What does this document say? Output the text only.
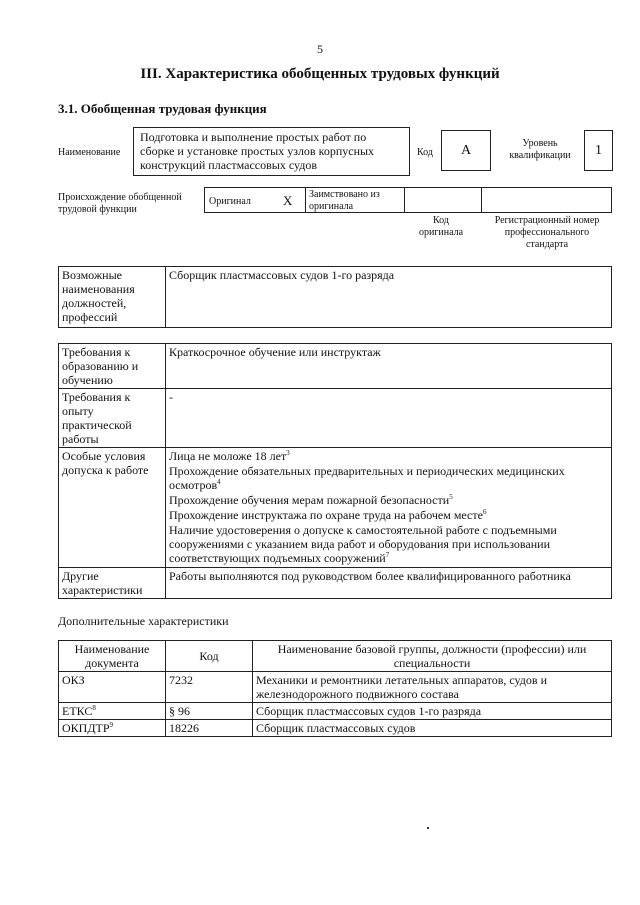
5
III. Характеристика обобщенных трудовых функций
3.1. Обобщенная трудовая функция
Наименование
Подготовка и выполнение простых работ по сборке и установке простых узлов корпусных конструкций пластмассовых судов
Код	А	Уровень квалификации	1
Происхождение обобщенной трудовой функции
Оригинал X Заимствовано из оригинала
Код оригинала
Регистрационный номер профессионального стандарта
Возможные наименования должностей, профессий	Сборщик пластмассовых судов 1-го разряда
Требования к образованию и обучению	Краткосрочное обучение или инструктаж
Требования к опыту практической работы	-
Особые условия допуска к работе	Лица не моложе 18 лет$^3$
Прохождение обязательных предварительных и периодических медицинских осмотров$^4$
Прохождение обучения мерам пожарной безопасности$^5$
Прохождение инструктажа по охране труда на рабочем месте$^6$
Наличие удостоверения о допуске к самостоятельной работе с подъемными сооружениями с указанием вида работ и оборудования при использовании соответствующих подъемных сооружений$^7$

Другие характеристики	Работы выполняются под руководством более квалифицированного работника
Дополнительные характеристики
Наименование документа	Код	Наименование базовой группы, должности (профессии) или специальности
ОКЗ	7232	Механики и ремонтники летательных аппаратов, судов и железнодорожного подвижного состава
ЕТКС$^8$	§ 96	Сборщик пластмассовых судов 1-го разряда
ОКПДТР$^9$	18226	Сборщик пластмассовых судов
